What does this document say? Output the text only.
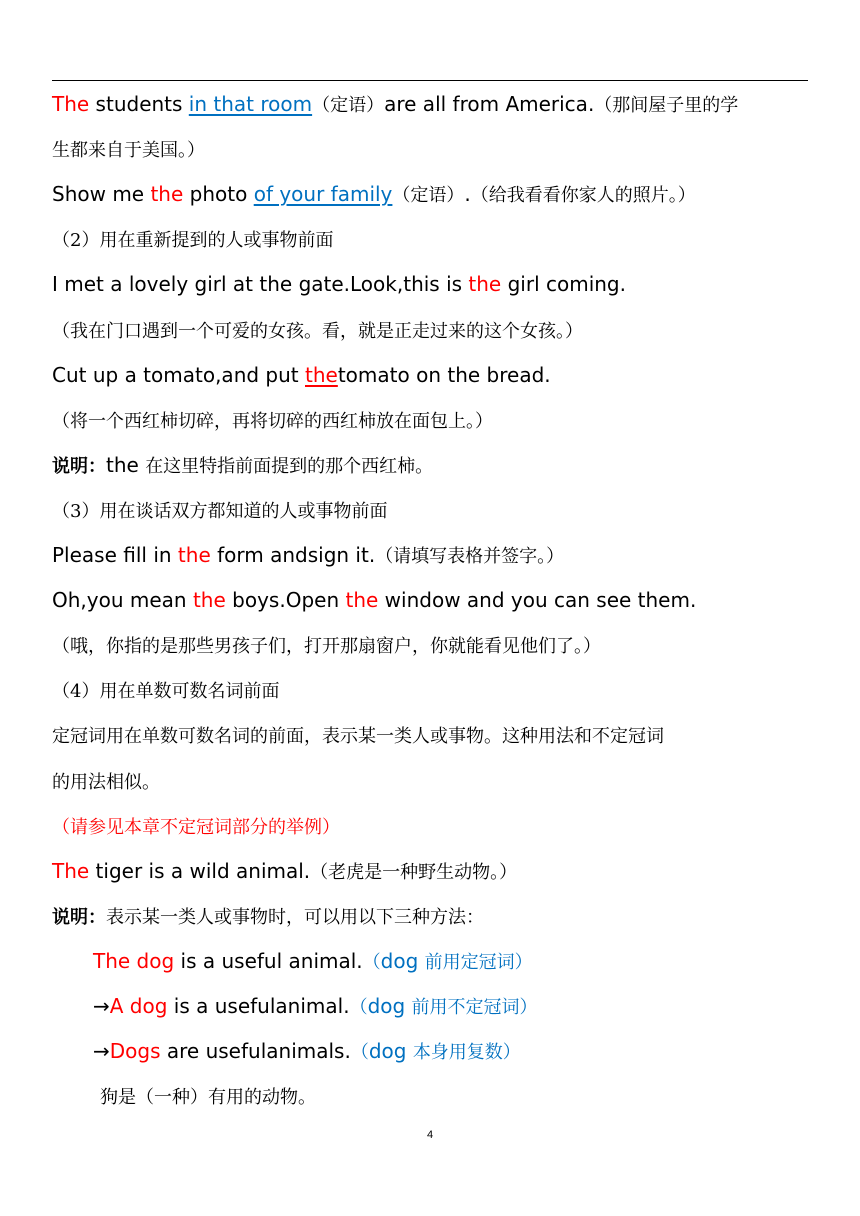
The students in that room（定语）are all from America.（那间屋子里的学
生都来自于美国。）
Show me the photo of your family（定语）.（给我看看你家人的照片。）
（2）用在重新提到的人或事物前面
I met a lovely girl at the gate.Look,this is the girl coming.
（我在门口遇到一个可爱的女孩。看，就是正走过来的这个女孩。）
Cut up a tomato,and put thetomato on the bread.
（将一个西红柿切碎，再将切碎的西红柿放在面包上。）
说明：the 在这里特指前面提到的那个西红柿。
（3）用在谈话双方都知道的人或事物前面
Please fill in the form andsign it.（请填写表格并签字。）
Oh,you mean the boys.Open the window and you can see them.
（哦，你指的是那些男孩子们，打开那扇窗户，你就能看见他们了。）
（4）用在单数可数名词前面
定冠词用在单数可数名词的前面，表示某一类人或事物。这种用法和不定冠词
的用法相似。
（请参见本章不定冠词部分的举例）
The tiger is a wild animal.（老虎是一种野生动物。）
说明：表示某一类人或事物时，可以用以下三种方法：
The dog is a useful animal.（dog 前用定冠词）
→A dog is a usefulanimal.（dog 前用不定冠词）
→Dogs are usefulanimals.（dog 本身用复数）
狗是（一种）有用的动物。
4
